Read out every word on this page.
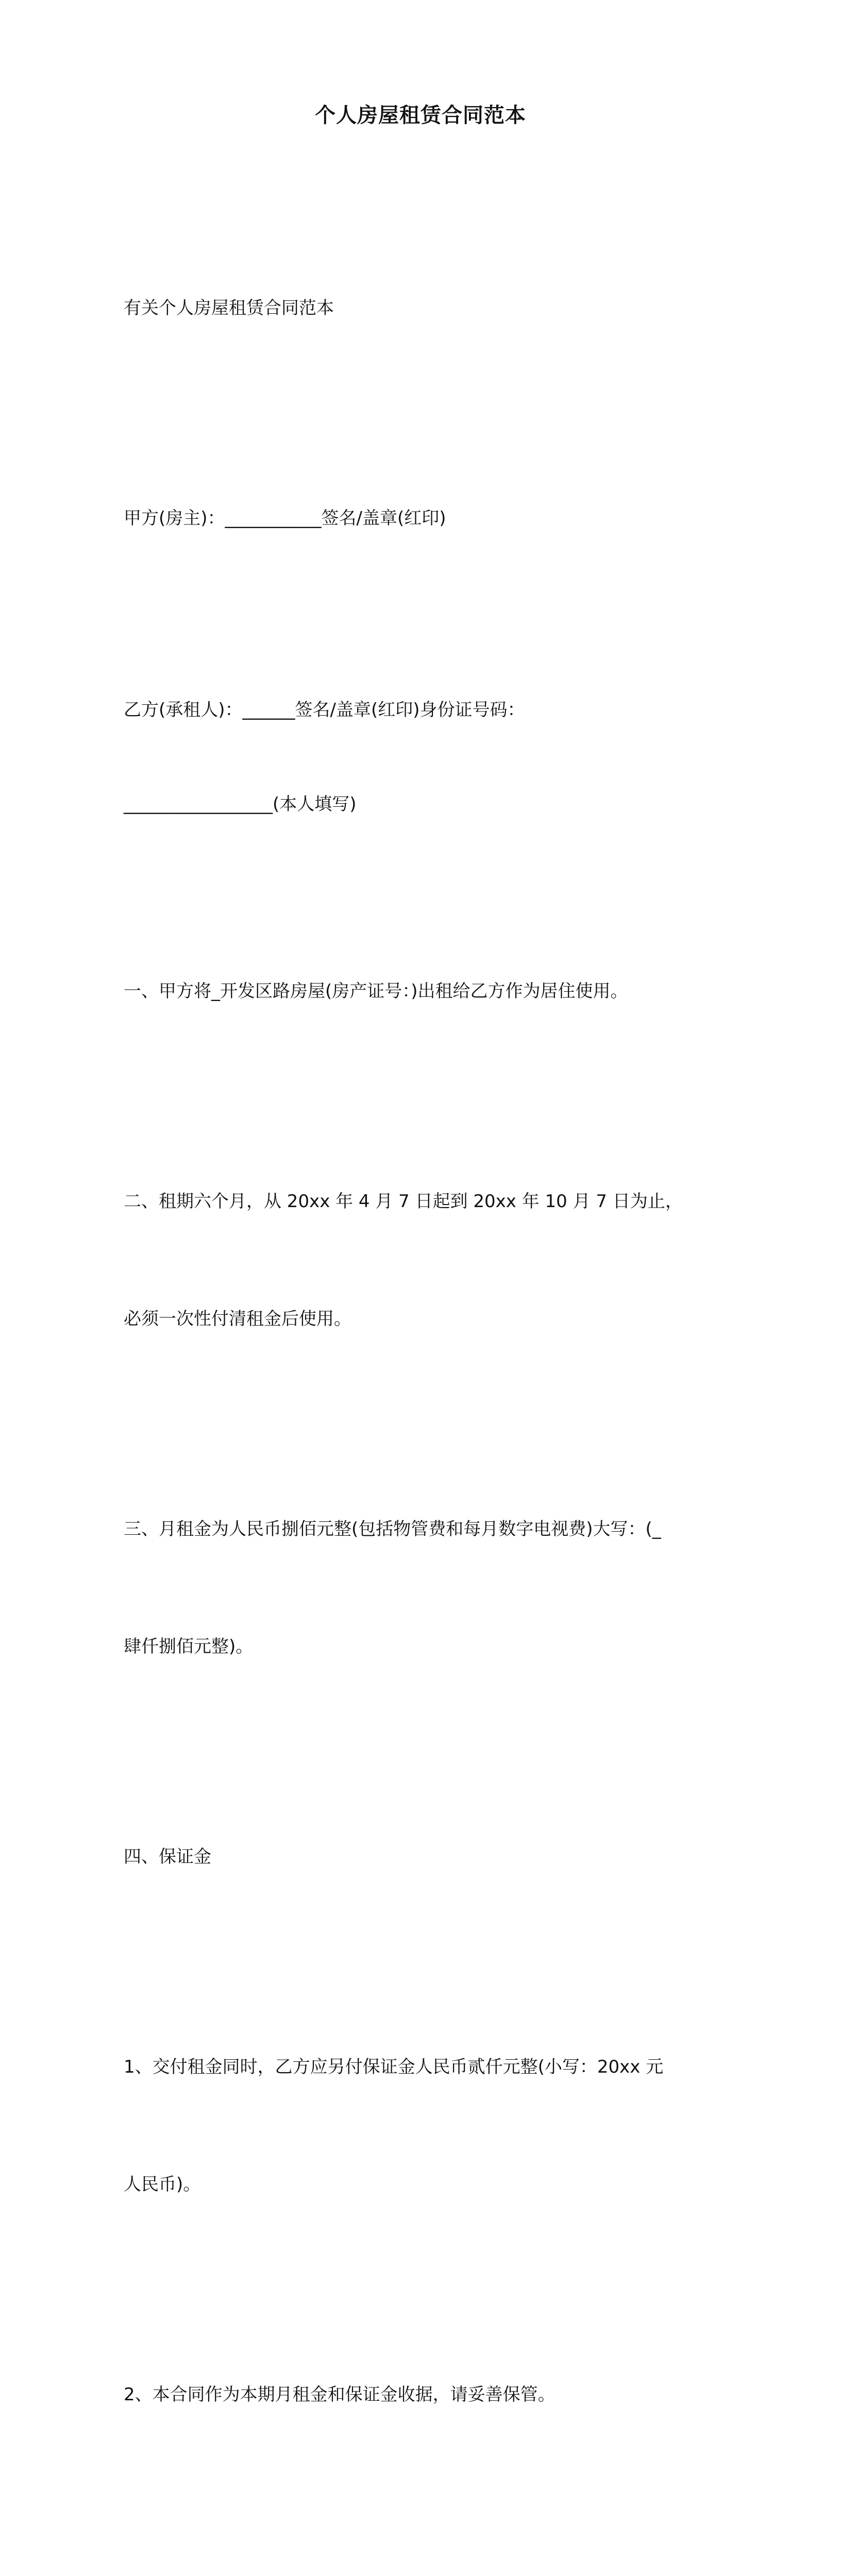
个人房屋租赁合同范本

有关个人房屋租赁合同范本

甲方(房主)：___________签名/盖章(红印)

乙方(承租人)：______签名/盖章(红印)身份证号码：

_________________(本人填写)

一、甲方将_开发区路房屋(房产证号：)出租给乙方作为居住使用。

二、租期六个月，从 20xx 年 4 月 7 日起到 20xx 年 10 月 7 日为止，

必须一次性付清租金后使用。

三、月租金为人民币捌佰元整(包括物管费和每月数字电视费)大写：(_

肆仟捌佰元整)。

四、保证金

1、交付租金同时，乙方应另付保证金人民币贰仟元整(小写：20xx 元

人民币)。

2、本合同作为本期月租金和保证金收据，请妥善保管。
